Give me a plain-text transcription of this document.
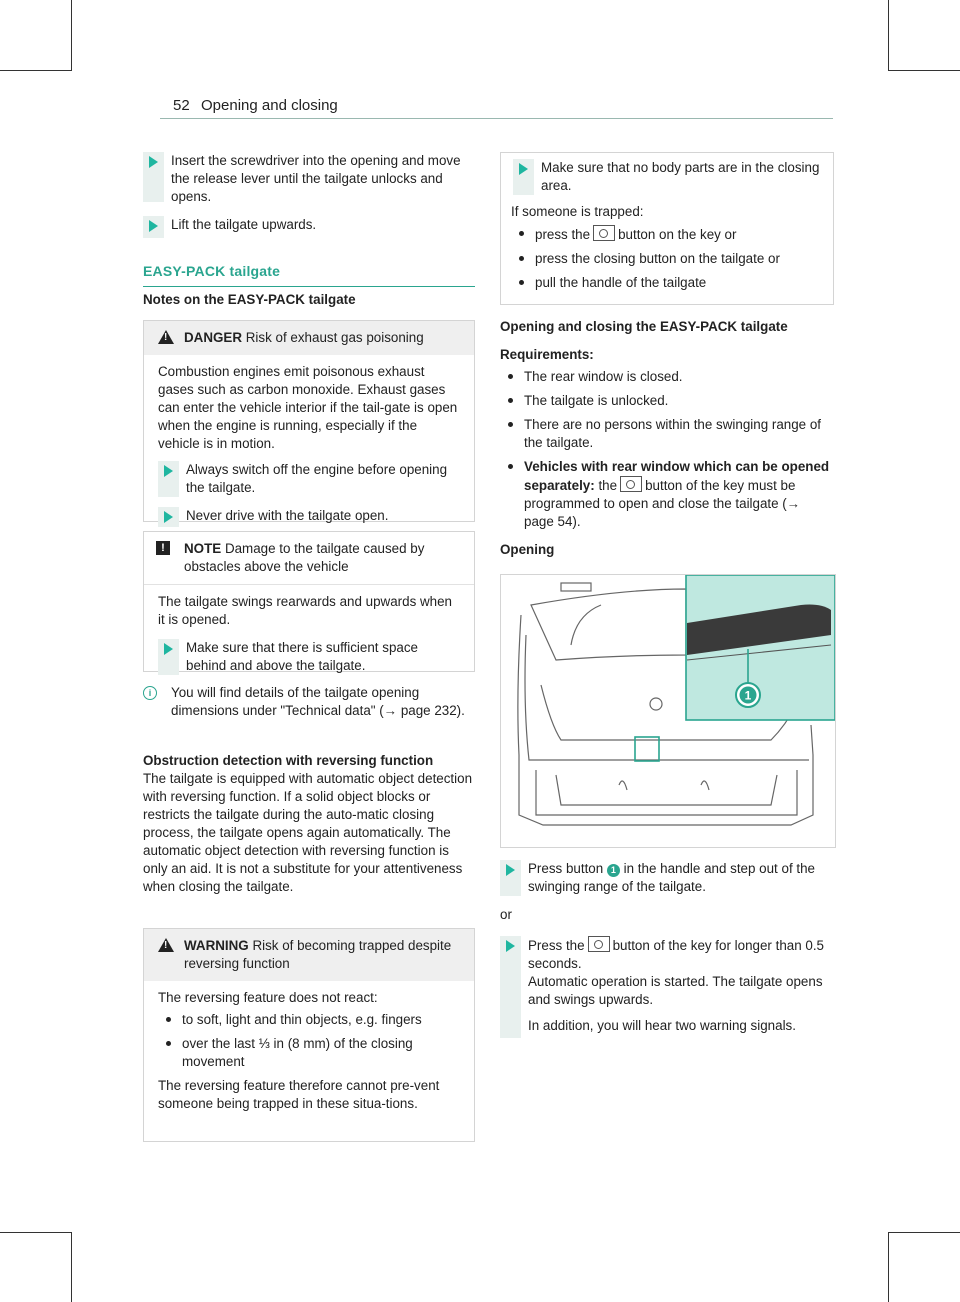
52 Opening and closing

Insert the screwdriver into the opening and move the release lever until the tailgate unlocks and opens.

Lift the tailgate upwards.

EASY-PACK tailgate
Notes on the EASY-PACK tailgate
!
DANGER Risk of exhaust gas poisoning

Combustion engines emit poisonous exhaust gases such as carbon monoxide. Exhaust gases can enter the vehicle interior if the tail-gate is open when the engine is running, especially if the vehicle is in motion.

Always switch off the engine before opening the tailgate.

Never drive with the tailgate open.

!	NOTE Damage to the tailgate caused by obstacles above the vehicle

The tailgate swings rearwards and upwards when it is opened.

Make sure that there is sufficient space behind and above the tailgate.

i	You will find details of the tailgate opening dimensions under "Technical data" (→ page 232).

Obstruction detection with reversing function

The tailgate is equipped with automatic object detection with reversing function. If a solid object blocks or restricts the tailgate during the auto-matic closing process, the tailgate opens again automatically. The automatic object detection with reversing function is only an aid. It is not a substitute for your attentiveness when closing the tailgate.

!
WARNING Risk of becoming trapped despite reversing function

The reversing feature does not react:

to soft, light and thin objects, e.g. fingers
over the last ⅓ in (8 mm) of the closing movement

The reversing feature therefore cannot pre-vent someone being trapped in these situa-tions.

Make sure that no body parts are in the closing area.

If someone is trapped:

press the button on the key or
press the closing button on the tailgate or
pull the handle of the tailgate

Opening and closing the EASY-PACK tailgate

Requirements:

The rear window is closed.
The tailgate is unlocked.
There are no persons within the swinging range of the tailgate.
Vehicles with rear window which can be opened separately: the button of the key must be programmed to open and close the tailgate (→ page 54).

Opening

1

Press button 1 in the handle and step out of the swinging range of the tailgate.

or

Press the button of the key for longer than 0.5 seconds.

Automatic operation is started. The tailgate opens and swings upwards.

In addition, you will hear two warning signals.
